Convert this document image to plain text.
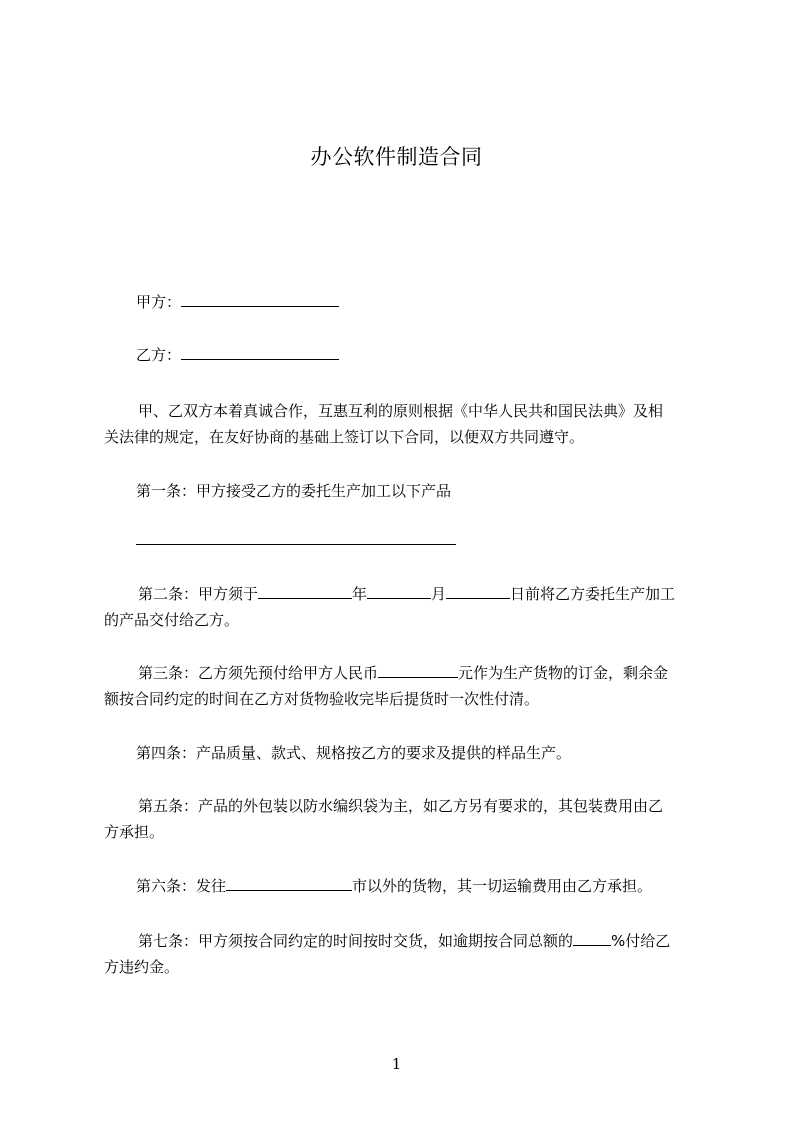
办公软件制造合同
甲方：
乙方：
甲、乙双方本着真诚合作，互惠互利的原则根据《中华人民共和国民法典》及相
关法律的规定，在友好协商的基础上签订以下合同，以便双方共同遵守。
第一条：甲方接受乙方的委托生产加工以下产品
第二条：甲方须于	年	月	日前将乙方委托生产加工
的产品交付给乙方。
第三条：乙方须先预付给甲方人民币	元作为生产货物的订金，剩余金
额按合同约定的时间在乙方对货物验收完毕后提货时一次性付清。
第四条：产品质量、款式、规格按乙方的要求及提供的样品生产。
第五条：产品的外包装以防水编织袋为主，如乙方另有要求的，其包装费用由乙
方承担。
第六条：发往	市以外的货物，其一切运输费用由乙方承担。
第七条：甲方须按合同约定的时间按时交货，如逾期按合同总额的	%付给乙
方违约金。
1
